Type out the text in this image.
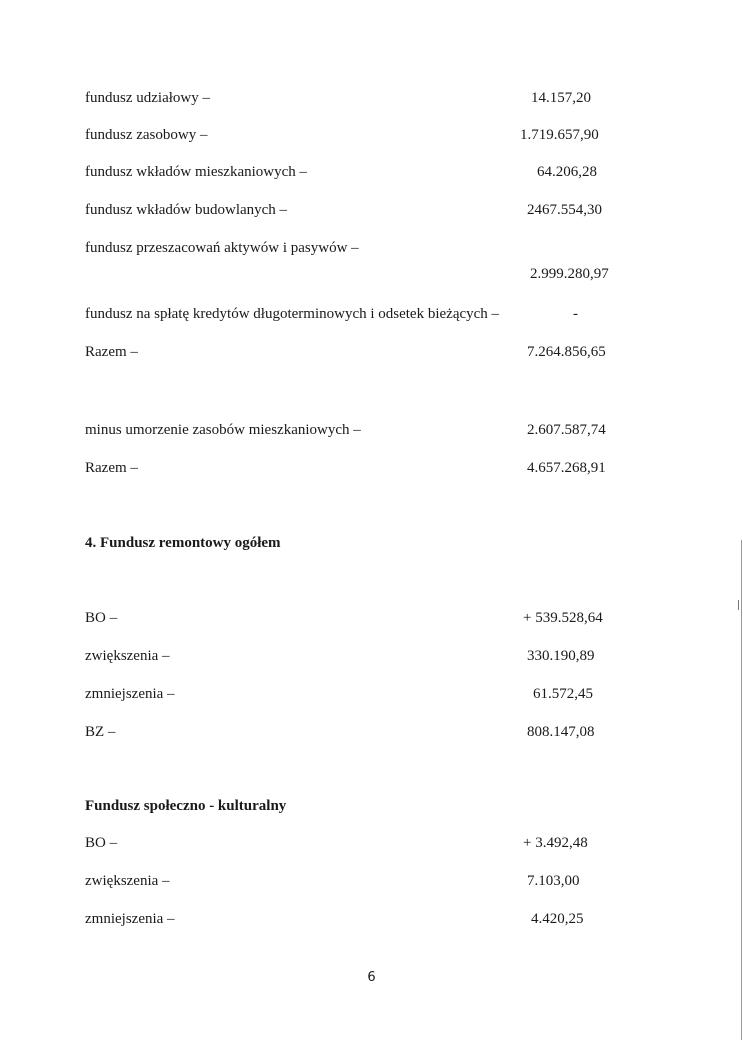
fundusz udziałowy –	14.157,20
fundusz zasobowy –	1.719.657,90
fundusz wkładów mieszkaniowych –	64.206,28
fundusz wkładów budowlanych –	2467.554,30
fundusz przeszacowań aktywów i pasywów –
2.999.280,97
fundusz na spłatę kredytów długoterminowych i odsetek bieżących –	-
Razem –	7.264.856,65
minus umorzenie zasobów mieszkaniowych –	2.607.587,74
Razem –	4.657.268,91
4. Fundusz remontowy ogółem
BO –	+ 539.528,64
zwiększenia –	330.190,89
zmniejszenia –	61.572,45
BZ –	808.147,08
Fundusz społeczno - kulturalny
BO –	+ 3.492,48
zwiększenia –	7.103,00
zmniejszenia –	4.420,25
6
